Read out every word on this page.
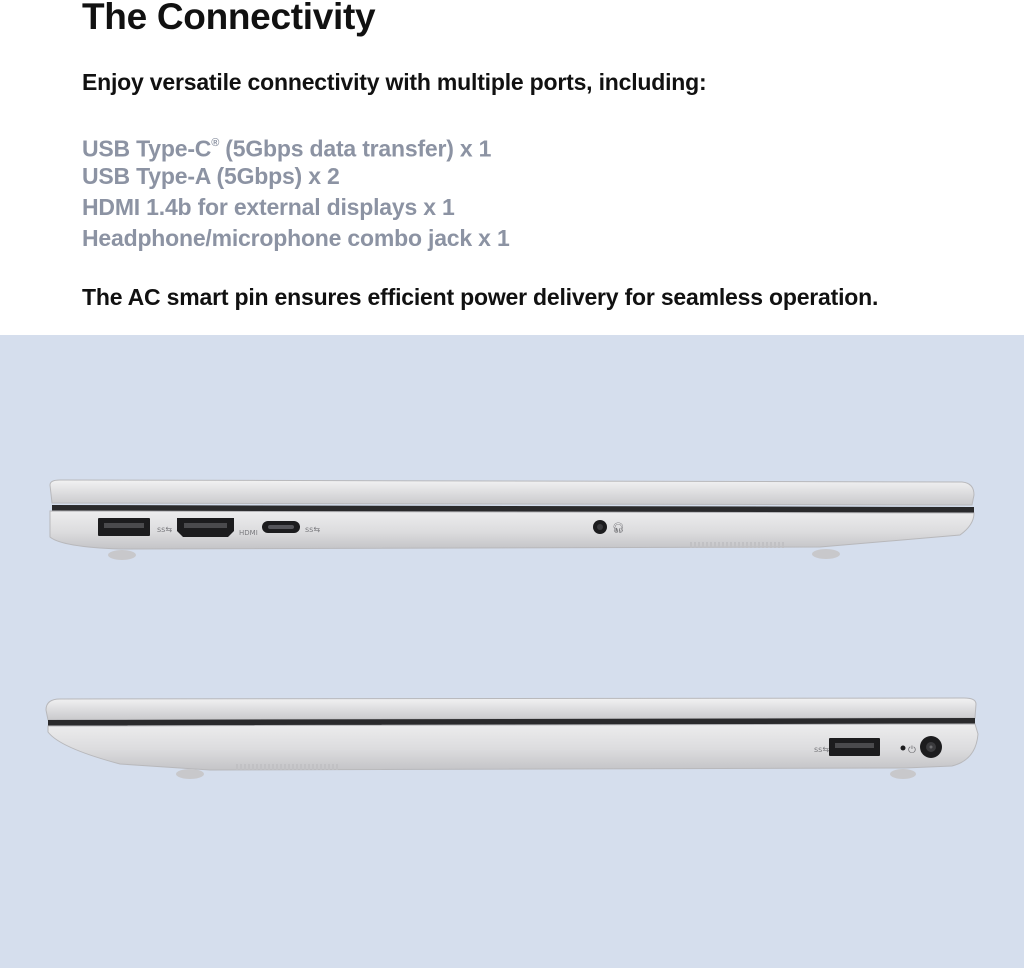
The Connectivity

Enjoy versatile connectivity with multiple ports, including:

USB Type-C® (5Gbps data transfer) x 1
USB Type-A (5Gbps) x 2
HDMI 1.4b for external displays x 1
Headphone/microphone combo jack x 1

The AC smart pin ensures efficient power delivery for seamless operation.

ss⇆	HDMI	ss⇆	🎧︎
ss⇆	⏻
